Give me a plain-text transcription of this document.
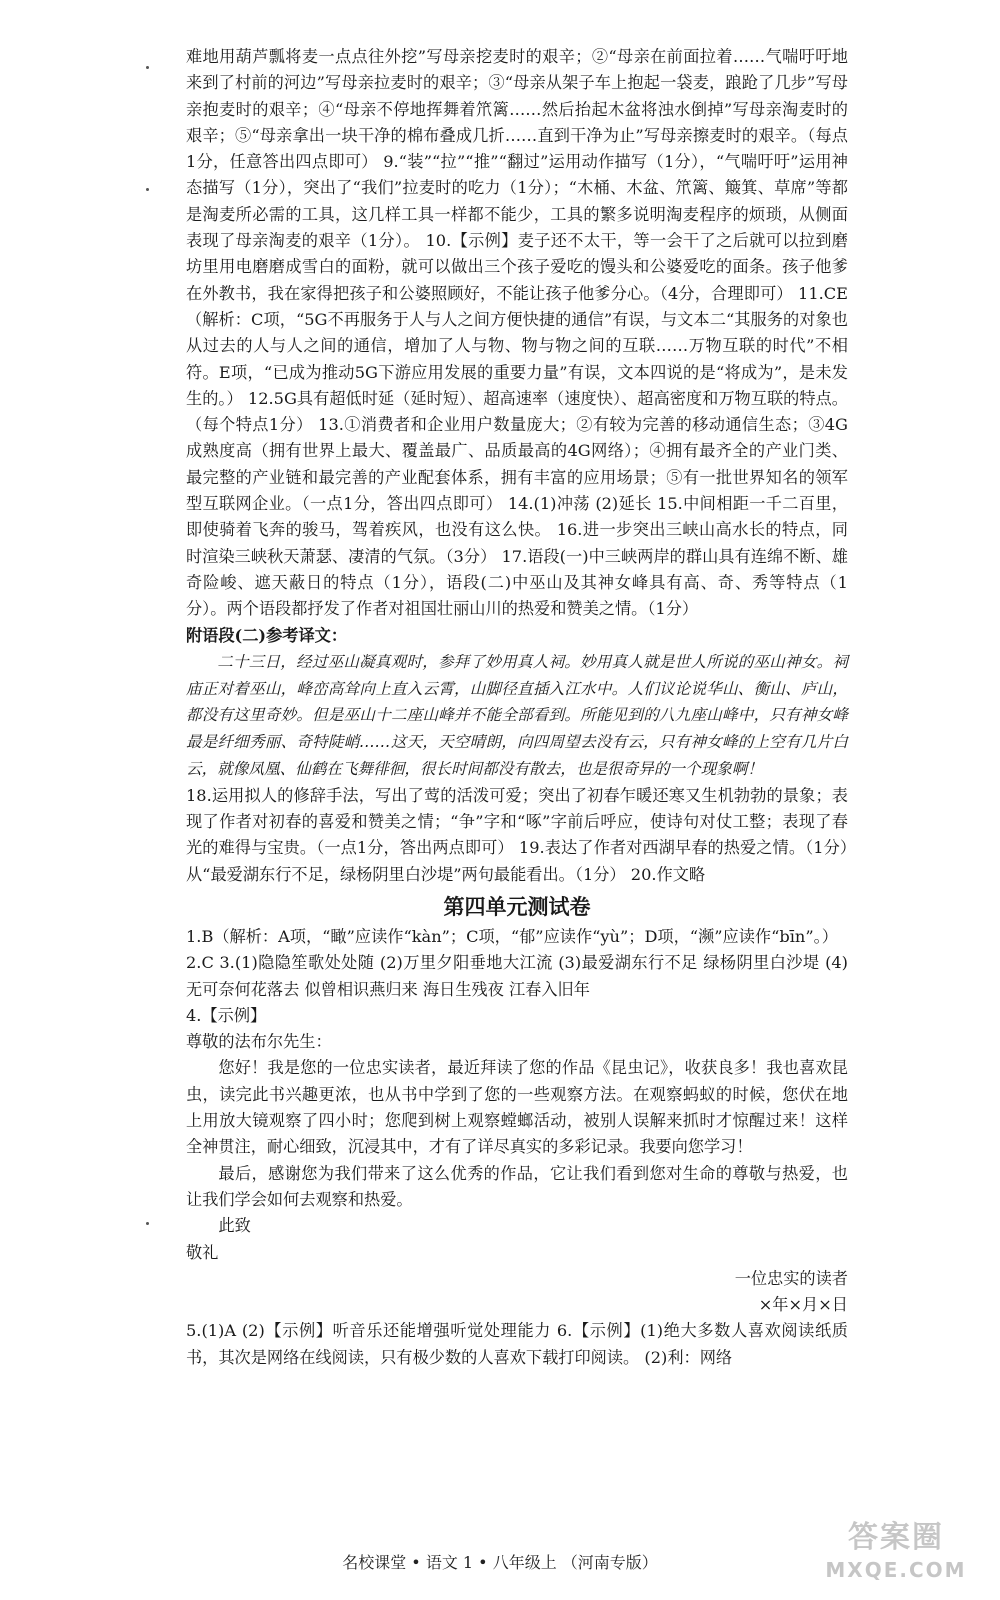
难地用葫芦瓢将麦一点点往外挖”写母亲挖麦时的艰辛；②“母亲在前面拉着……气喘吁吁地来到了村前的河边”写母亲拉麦时的艰辛；③“母亲从架子车上抱起一袋麦，踉跄了几步”写母亲抱麦时的艰辛；④“母亲不停地挥舞着笊篱……然后抬起木盆将浊水倒掉”写母亲淘麦时的艰辛；⑤“母亲拿出一块干净的棉布叠成几折……直到干净为止”写母亲擦麦时的艰辛。（每点1分，任意答出四点即可） 9.“装”“拉”“推”“翻过”运用动作描写（1分），“气喘吁吁”运用神态描写（1分），突出了“我们”拉麦时的吃力（1分）；“木桶、木盆、笊篱、簸箕、草席”等都是淘麦所必需的工具，这几样工具一样都不能少，工具的繁多说明淘麦程序的烦琐，从侧面表现了母亲淘麦的艰辛（1分）。 10.【示例】麦子还不太干，等一会干了之后就可以拉到磨坊里用电磨磨成雪白的面粉，就可以做出三个孩子爱吃的馒头和公婆爱吃的面条。孩子他爹在外教书，我在家得把孩子和公婆照顾好，不能让孩子他爹分心。（4分，合理即可） 11.CE（解析：C项，“5G不再服务于人与人之间方便快捷的通信”有误，与文本二“其服务的对象也从过去的人与人之间的通信，增加了人与物、物与物之间的互联……万物互联的时代”不相符。E项，“已成为推动5G下游应用发展的重要力量”有误，文本四说的是“将成为”，是未发生的。） 12.5G具有超低时延（延时短）、超高速率（速度快）、超高密度和万物互联的特点。（每个特点1分） 13.①消费者和企业用户数量庞大；②有较为完善的移动通信生态；③4G成熟度高（拥有世界上最大、覆盖最广、品质最高的4G网络）；④拥有最齐全的产业门类、最完整的产业链和最完善的产业配套体系，拥有丰富的应用场景；⑤有一批世界知名的领军型互联网企业。（一点1分，答出四点即可） 14.(1)冲荡 (2)延长 15.中间相距一千二百里，即使骑着飞奔的骏马，驾着疾风，也没有这么快。 16.进一步突出三峡山高水长的特点，同时渲染三峡秋天萧瑟、凄清的气氛。（3分） 17.语段(一)中三峡两岸的群山具有连绵不断、雄奇险峻、遮天蔽日的特点（1分），语段(二)中巫山及其神女峰具有高、奇、秀等特点（1分）。两个语段都抒发了作者对祖国壮丽山川的热爱和赞美之情。（1分）

附语段(二)参考译文：

二十三日，经过巫山凝真观时，参拜了妙用真人祠。妙用真人就是世人所说的巫山神女。祠庙正对着巫山，峰峦高耸向上直入云霄，山脚径直插入江水中。人们议论说华山、衡山、庐山，都没有这里奇妙。但是巫山十二座山峰并不能全部看到。所能见到的八九座山峰中，只有神女峰最是纤细秀丽、奇特陡峭……这天，天空晴朗，向四周望去没有云，只有神女峰的上空有几片白云，就像凤凰、仙鹤在飞舞徘徊，很长时间都没有散去，也是很奇异的一个现象啊！

18.运用拟人的修辞手法，写出了莺的活泼可爱；突出了初春乍暖还寒又生机勃勃的景象；表现了作者对初春的喜爱和赞美之情；“争”字和“啄”字前后呼应，使诗句对仗工整；表现了春光的难得与宝贵。（一点1分，答出两点即可） 19.表达了作者对西湖早春的热爱之情。（1分）从“最爱湖东行不足，绿杨阴里白沙堤”两句最能看出。（1分） 20.作文略

第四单元测试卷

1.B（解析：A项，“瞰”应读作“kàn”；C项，“郁”应读作“yù”；D项，“濒”应读作“bīn”。）

2.C 3.(1)隐隐笙歌处处随 (2)万里夕阳垂地大江流 (3)最爱湖东行不足 绿杨阴里白沙堤 (4)无可奈何花落去 似曾相识燕归来 海日生残夜 江春入旧年

4.【示例】

尊敬的法布尔先生：

您好！我是您的一位忠实读者，最近拜读了您的作品《昆虫记》，收获良多！我也喜欢昆虫，读完此书兴趣更浓，也从书中学到了您的一些观察方法。在观察蚂蚁的时候，您伏在地上用放大镜观察了四小时；您爬到树上观察螳螂活动，被别人误解来抓时才惊醒过来！这样全神贯注，耐心细致，沉浸其中，才有了详尽真实的多彩记录。我要向您学习！

最后，感谢您为我们带来了这么优秀的作品，它让我们看到您对生命的尊敬与热爱，也让我们学会如何去观察和热爱。

此致

敬礼

一位忠实的读者

×年×月×日

5.(1)A (2)【示例】听音乐还能增强听觉处理能力 6.【示例】(1)绝大多数人喜欢阅读纸质书，其次是网络在线阅读，只有极少数的人喜欢下载打印阅读。 (2)利：网络

名校课堂 • 语文 1 • 八年级上 （河南专版）
答案圈
MXQE.COM
